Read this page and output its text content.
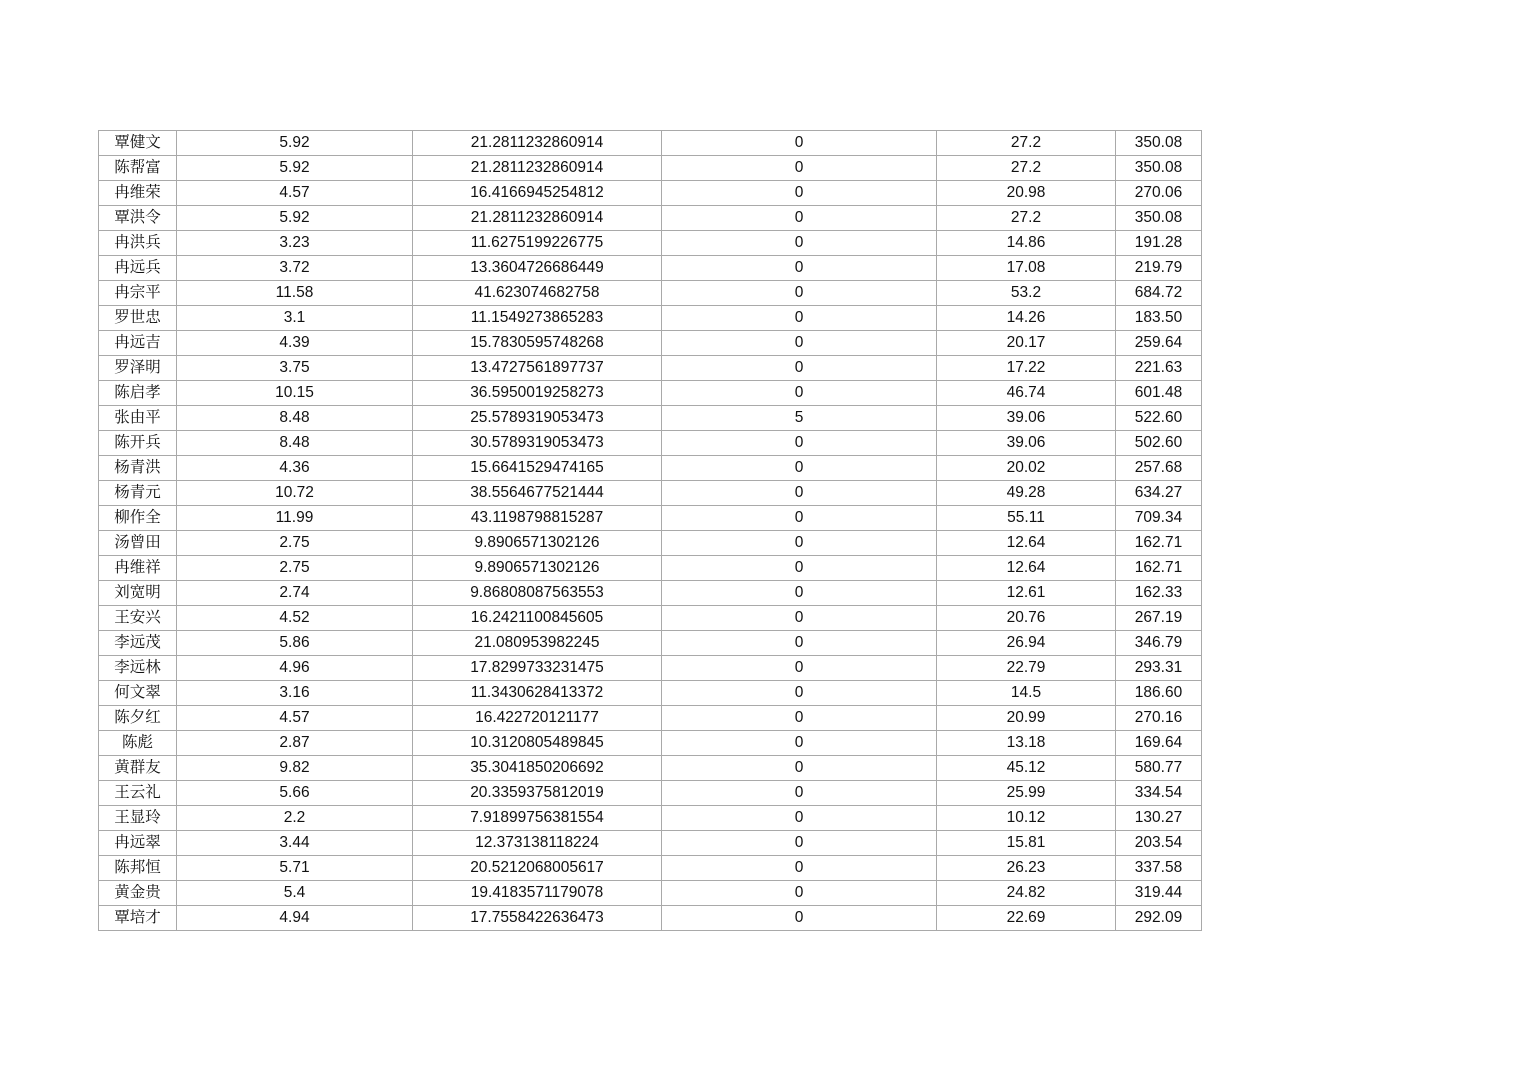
覃健文	5.92	21.2811232860914	0	27.2	350.08
陈帮富	5.92	21.2811232860914	0	27.2	350.08
冉维荣	4.57	16.4166945254812	0	20.98	270.06
覃洪令	5.92	21.2811232860914	0	27.2	350.08
冉洪兵	3.23	11.6275199226775	0	14.86	191.28
冉远兵	3.72	13.3604726686449	0	17.08	219.79
冉宗平	11.58	41.623074682758	0	53.2	684.72
罗世忠	3.1	11.1549273865283	0	14.26	183.50
冉远吉	4.39	15.7830595748268	0	20.17	259.64
罗泽明	3.75	13.4727561897737	0	17.22	221.63
陈启孝	10.15	36.5950019258273	0	46.74	601.48
张由平	8.48	25.5789319053473	5	39.06	522.60
陈开兵	8.48	30.5789319053473	0	39.06	502.60
杨青洪	4.36	15.6641529474165	0	20.02	257.68
杨青元	10.72	38.5564677521444	0	49.28	634.27
柳作全	11.99	43.1198798815287	0	55.11	709.34
汤曾田	2.75	9.8906571302126	0	12.64	162.71
冉维祥	2.75	9.8906571302126	0	12.64	162.71
刘宽明	2.74	9.86808087563553	0	12.61	162.33
王安兴	4.52	16.2421100845605	0	20.76	267.19
李远茂	5.86	21.080953982245	0	26.94	346.79
李远林	4.96	17.8299733231475	0	22.79	293.31
何文翠	3.16	11.3430628413372	0	14.5	186.60
陈夕红	4.57	16.422720121177	0	20.99	270.16
陈彪	2.87	10.3120805489845	0	13.18	169.64
黄群友	9.82	35.3041850206692	0	45.12	580.77
王云礼	5.66	20.3359375812019	0	25.99	334.54
王显玲	2.2	7.91899756381554	0	10.12	130.27
冉远翠	3.44	12.373138118224	0	15.81	203.54
陈邦恒	5.71	20.5212068005617	0	26.23	337.58
黄金贵	5.4	19.4183571179078	0	24.82	319.44
覃培才	4.94	17.7558422636473	0	22.69	292.09
